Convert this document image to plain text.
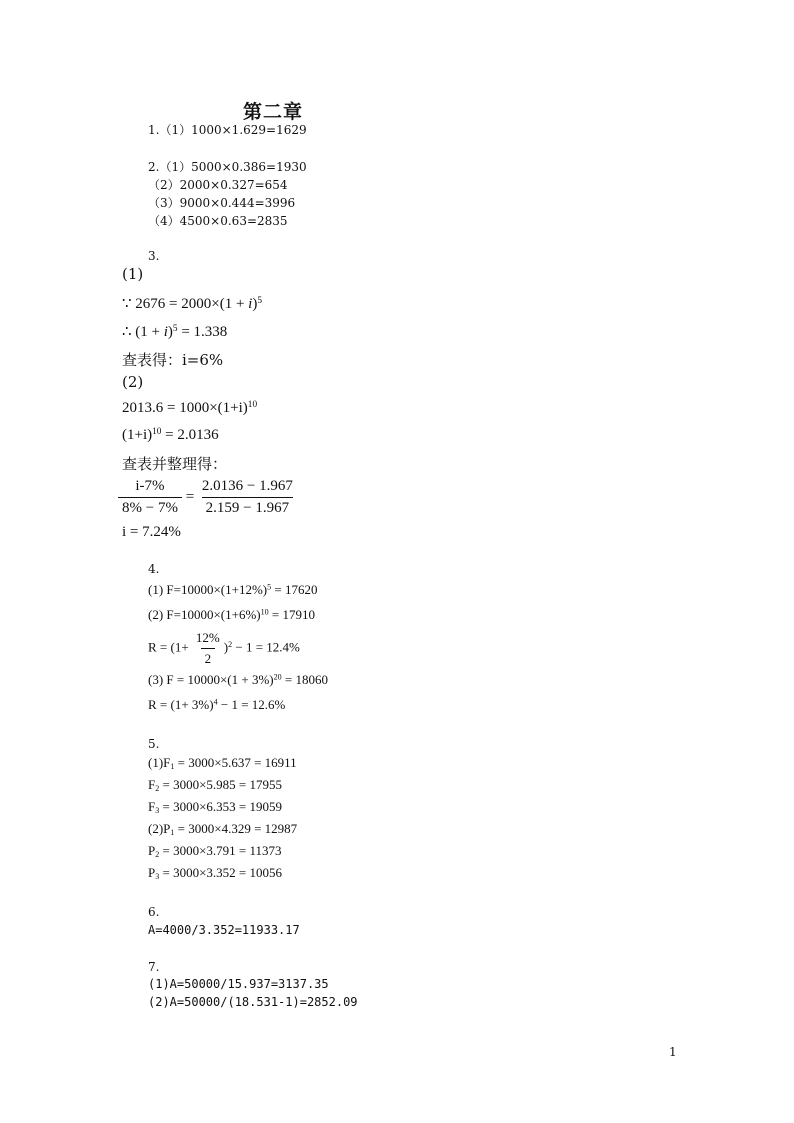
第二章
1.（1）1000×1.629=1629
2.（1）5000×0.386=1930
（2）2000×0.327=654
（3）9000×0.444=3996
（4）4500×0.63=2835
3.
(1)
∵ $2676 = 2000\times(1 + i)^5$
∴ $(1 + i)^5 = 1.338$
查表得：i=6%
(2)
$2013.6 = 1000\times(1+i)^{10}$
$(1+i)^{10} = 2.0136$
查表并整理得：
$\frac{i-7\%}{8\% - 7\%} = \frac{2.0136 - 1.967}{2.159 - 1.967}$
i = 7.24%
4.
(1) $F=10000\times(1+12\%)^5 = 17620$
(2) $F=10000\times(1+6\%)^{10} = 17910$
$R = (1+ \frac{12\%}{2} )^2 - 1 = 12.4\%$
(3) $F = 10000\times(1 + 3\%)^{20} = 18060$
$R = (1+ 3\%)^4 - 1 = 12.6\%$
5.
$(1)F_1 = 3000\times 5.637 = 16911$
$F_2 = 3000\times 5.985 = 17955$
$F_3 = 3000\times 6.353 = 19059$
$(2)P_1 = 3000\times 4.329 = 12987$
$P_2 = 3000\times 3.791 = 11373$
$P_3 = 3000\times 3.352 = 10056$
6.
A=4000/3.352=11933.17
7.
(1)A=50000/15.937=3137.35
(2)A=50000/(18.531-1)=2852.09
1
